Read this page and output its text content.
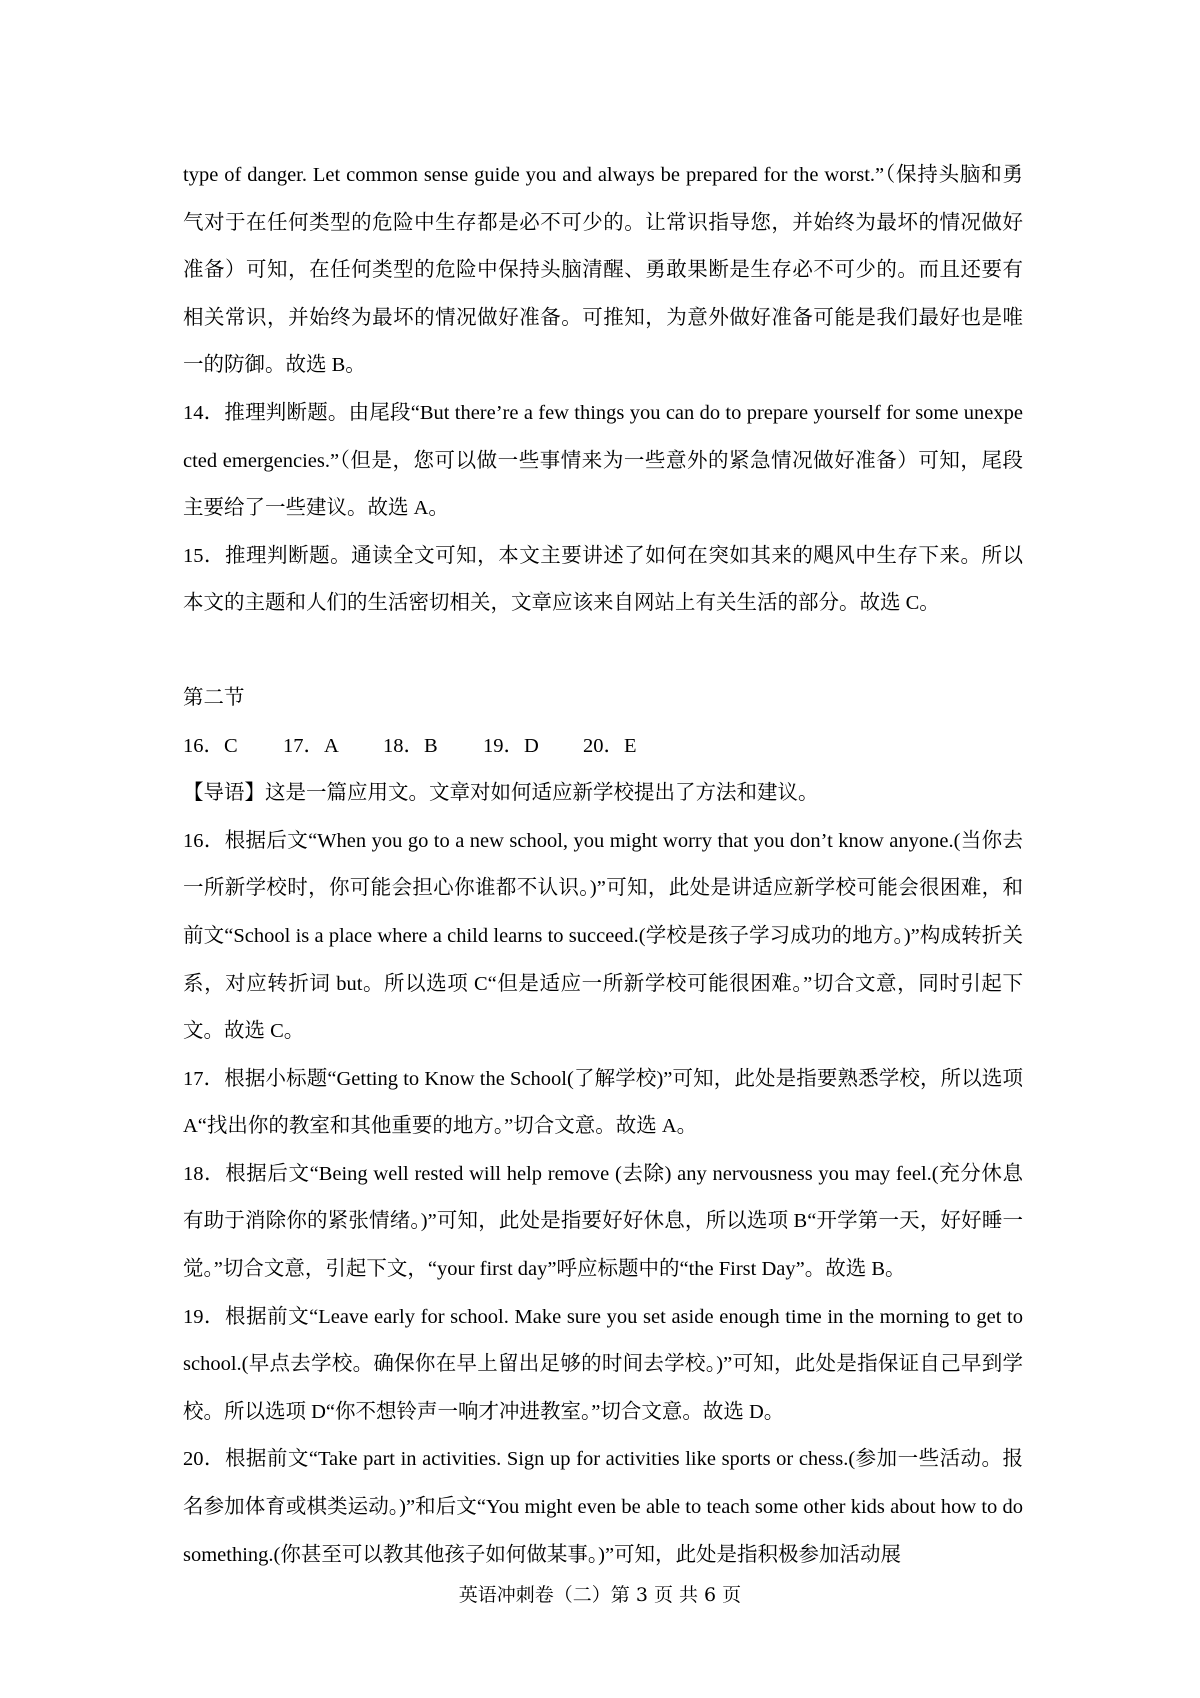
type of danger. Let common sense guide you and always be prepared for the worst.”（保持头脑和勇气对于在任何类型的危险中生存都是必不可少的。让常识指导您，并始终为最坏的情况做好准备）可知，在任何类型的危险中保持头脑清醒、勇敢果断是生存必不可少的。而且还要有相关常识，并始终为最坏的情况做好准备。可推知，为意外做好准备可能是我们最好也是唯一的防御。故选 B。

14．推理判断题。由尾段“But there’re a few things you can do to prepare yourself for some unexpected emergencies.”（但是，您可以做一些事情来为一些意外的紧急情况做好准备）可知，尾段主要给了一些建议。故选 A。

15．推理判断题。通读全文可知，本文主要讲述了如何在突如其来的飓风中生存下来。所以本文的主题和人们的生活密切相关，文章应该来自网站上有关生活的部分。故选 C。

第二节

16．C	17．A	18．B	19．D	20．E

【导语】这是一篇应用文。文章对如何适应新学校提出了方法和建议。

16．根据后文“When you go to a new school, you might worry that you don’t know anyone.(当你去一所新学校时，你可能会担心你谁都不认识。)”可知，此处是讲适应新学校可能会很困难，和前文“School is a place where a child learns to succeed.(学校是孩子学习成功的地方。)”构成转折关系，对应转折词 but。所以选项 C“但是适应一所新学校可能很困难。”切合文意，同时引起下文。故选 C。

17．根据小标题“Getting to Know the School(了解学校)”可知，此处是指要熟悉学校，所以选项 A“找出你的教室和其他重要的地方。”切合文意。故选 A。

18．根据后文“Being well rested will help remove (去除) any nervousness you may feel.(充分休息有助于消除你的紧张情绪。)”可知，此处是指要好好休息，所以选项 B“开学第一天，好好睡一觉。”切合文意，引起下文，“your first day”呼应标题中的“the First Day”。故选 B。

19．根据前文“Leave early for school. Make sure you set aside enough time in the morning to get to school.(早点去学校。确保你在早上留出足够的时间去学校。)”可知，此处是指保证自己早到学校。所以选项 D“你不想铃声一响才冲进教室。”切合文意。故选 D。

20．根据前文“Take part in activities. Sign up for activities like sports or chess.(参加一些活动。报名参加体育或棋类运动。)”和后文“You might even be able to teach some other kids about how to do something.(你甚至可以教其他孩子如何做某事。)”可知，此处是指积极参加活动展

英语冲刺卷（二）第 3 页 共 6 页
